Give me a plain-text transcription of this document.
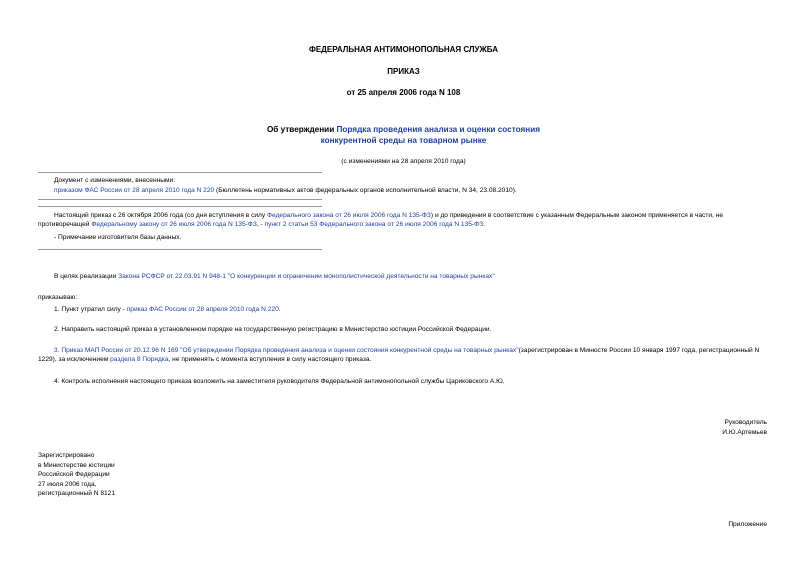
ФЕДЕРАЛЬНАЯ АНТИМОНОПОЛЬНАЯ СЛУЖБА
ПРИКАЗ
от 25 апреля 2006 года N 108
Об утверждении Порядка проведения анализа и оценки состояния
конкурентной среды на товарном рынке
(с изменениями на 28 апреля 2010 года)
Документ с изменениями, внесенными:
приказом ФАС России от 28 апреля 2010 года N 220 (Бюллетень нормативных актов федеральных органов исполнительной власти, N 34, 23.08.2010).
Настоящий приказ с 26 октября 2006 года (со дня вступления в силу Федерального закона от 26 июля 2006 года N 135-ФЗ) и до приведения в соответствие с указанным Федеральным законом применяется в части, не противоречащей Федеральному закону от 26 июля 2006 года N 135-ФЗ, - пункт 2 статьи 53 Федерального закона от 26 июля 2006 года N 135-ФЗ.
- Примечание изготовителя базы данных.
В целях реализации Закона РСФСР от 22.03.91 N 948-1 "О конкуренции и ограничении монополистической деятельности на товарных рынках"
приказываю:
1. Пункт утратил силу - приказ ФАС России от 28 апреля 2010 года N 220.
2. Направить настоящий приказ в установленном порядке на государственную регистрацию в Министерство юстиции Российской Федерации.
3. Приказ МАП России от 20.12.96 N 169 "Об утверждении Порядка проведения анализа и оценки состояния конкурентной среды на товарных рынках"(зарегистрирован в Минюсте России 10 января 1997 года, регистрационный N 1229), за исключением раздела 8 Порядка, не применять с момента вступления в силу настоящего приказа.
4. Контроль исполнения настоящего приказа возложить на заместителя руководителя Федеральной антимонопольной службы Цариковского А.Ю.
Руководитель
И.Ю.Артемьев
Зарегистрировано
в Министерстве юстиции
Российской Федерации
27 июля 2006 года,
регистрационный N 8121
Приложение
